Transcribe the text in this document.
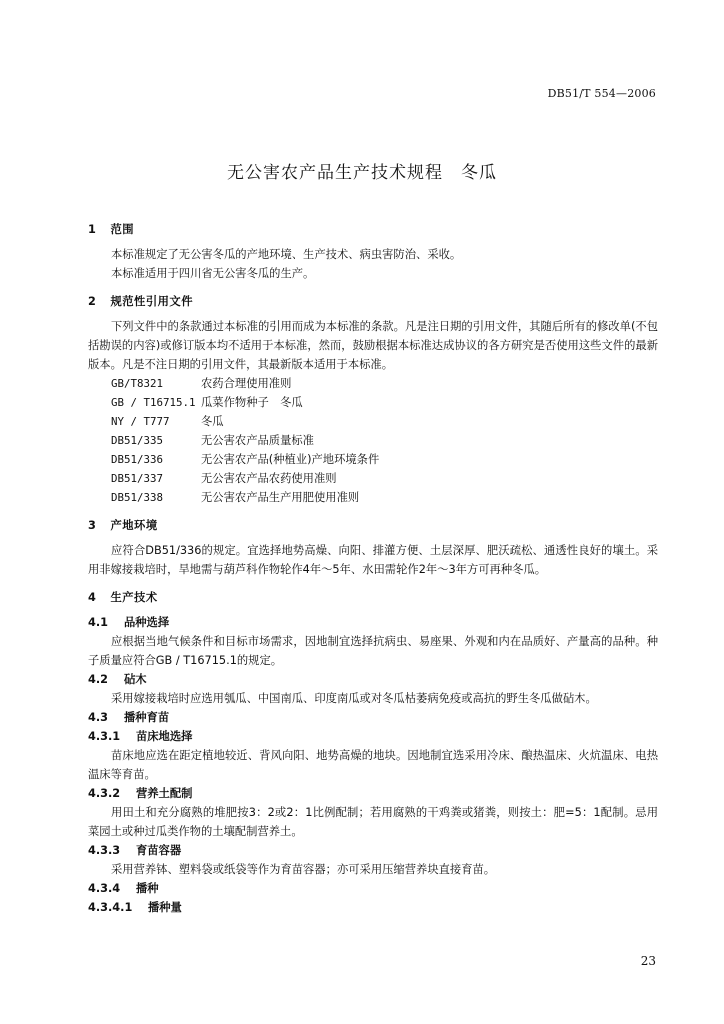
DB51/T 554—2006
无公害农产品生产技术规程　冬瓜
1 范围

本标准规定了无公害冬瓜的产地环境、生产技术、病虫害防治、采收。

本标准适用于四川省无公害冬瓜的生产。

2 规范性引用文件

下列文件中的条款通过本标准的引用而成为本标准的条款。凡是注日期的引用文件，其随后所有的修改单(不包括勘误的内容)或修订版本均不适用于本标准，然而，鼓励根据本标准达成协议的各方研究是否使用这些文件的最新版本。凡是不注日期的引用文件，其最新版本适用于本标准。

GB/T8321	农药合理使用准则
GB / T16715.1 瓜菜作物种子　冬瓜
NY / T777	冬瓜
DB51/335	无公害农产品质量标准
DB51/336	无公害农产品(种植业)产地环境条件
DB51/337	无公害农产品农药使用准则
DB51/338	无公害农产品生产用肥使用准则
3 产地环境

应符合DB51/336的规定。宜选择地势高燥、向阳、排灌方便、土层深厚、肥沃疏松、通透性良好的壤土。采用非嫁接栽培时，旱地需与葫芦科作物轮作4年～5年、水田需轮作2年～3年方可再种冬瓜。

4 生产技术
4.1 品种选择

应根据当地气候条件和目标市场需求，因地制宜选择抗病虫、易座果、外观和内在品质好、产量高的品种。种子质量应符合GB / T16715.1的规定。

4.2 砧木

采用嫁接栽培时应选用瓠瓜、中国南瓜、印度南瓜或对冬瓜枯萎病免疫或高抗的野生冬瓜做砧木。

4.3 播种育苗
4.3.1 苗床地选择

苗床地应选在距定植地较近、背风向阳、地势高燥的地块。因地制宜选采用冷床、酿热温床、火炕温床、电热温床等育苗。

4.3.2 营养土配制

用田土和充分腐熟的堆肥按3：2或2：1比例配制；若用腐熟的干鸡粪或猪粪，则按土：肥=5：1配制。忌用菜园土或种过瓜类作物的土壤配制营养土。

4.3.3 育苗容器

采用营养钵、塑料袋或纸袋等作为育苗容器；亦可采用压缩营养块直接育苗。

4.3.4 播种
4.3.4.1 播种量
23
